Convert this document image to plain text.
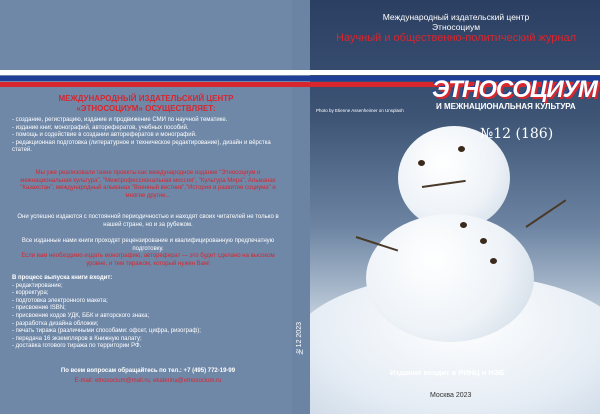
Международный издательский центр
Этносоциум
Научный и общественно-политический журнал
ЭТНОСОЦИУМ
И МЕЖНАЦИОНАЛЬНАЯ КУЛЬТУРА
Photo by Etienne Assenheimer on Unsplash
№12 (186)
№12 2023
Издание входит в РИНЦ и НЭБ
Москва 2023
МЕЖДУНАРОДНЫЙ ИЗДАТЕЛЬСКИЙ ЦЕНТР
«ЭТНОСОЦИУМ» ОСУЩЕСТВЛЯЕТ:
- создание, регистрацию, издание и продвижение СМИ по научной тематике.
- издание книг, монографий, авторефератов, учебных пособий.
- помощь и содействие в создании авторефератов и монографий.
- редакционная подготовка (литературное и техническое редактирование), дизайн и вёрстка статей.
Мы уже реализовали такие проекты как международное издание "Этносоциум и межнациональная культура", "Межпрофессиональная миссия", "Культура Мира", Альманах "Казахстан", международный альманах "Военный вестник","История и развитие социума" и многие другие...
Они успешно издаются с постоянной периодичностью и находят своих читателей не только в нашей стране, но и за рубежом.
Все изданные нами книги проходят рецензирование и квалифицированную предпечатную подготовку.
Если вам необходимо издать монографию, автореферат — это будет сделано на высоком уровне, и тем тиражом, который нужен Вам!
В процесс выпуска книги входит:
- редактирование;
- корректура;
- подготовка электронного макета;
- присвоение ISBN;
- присвоение кодов УДК, ББК и авторского знака;
- разработка дизайна обложки;
- печать тиража (различными способами: офсет, цифра, ризограф);
- передача 16 экземпляров в Книжную палату;
- доставка готового тиража по территории РФ.
По всем вопросам обращайтесь по тел.: +7 (495) 772-19-99
E-mail: etnosocium@mail.ru, ekaterina@etnosocium.ru
